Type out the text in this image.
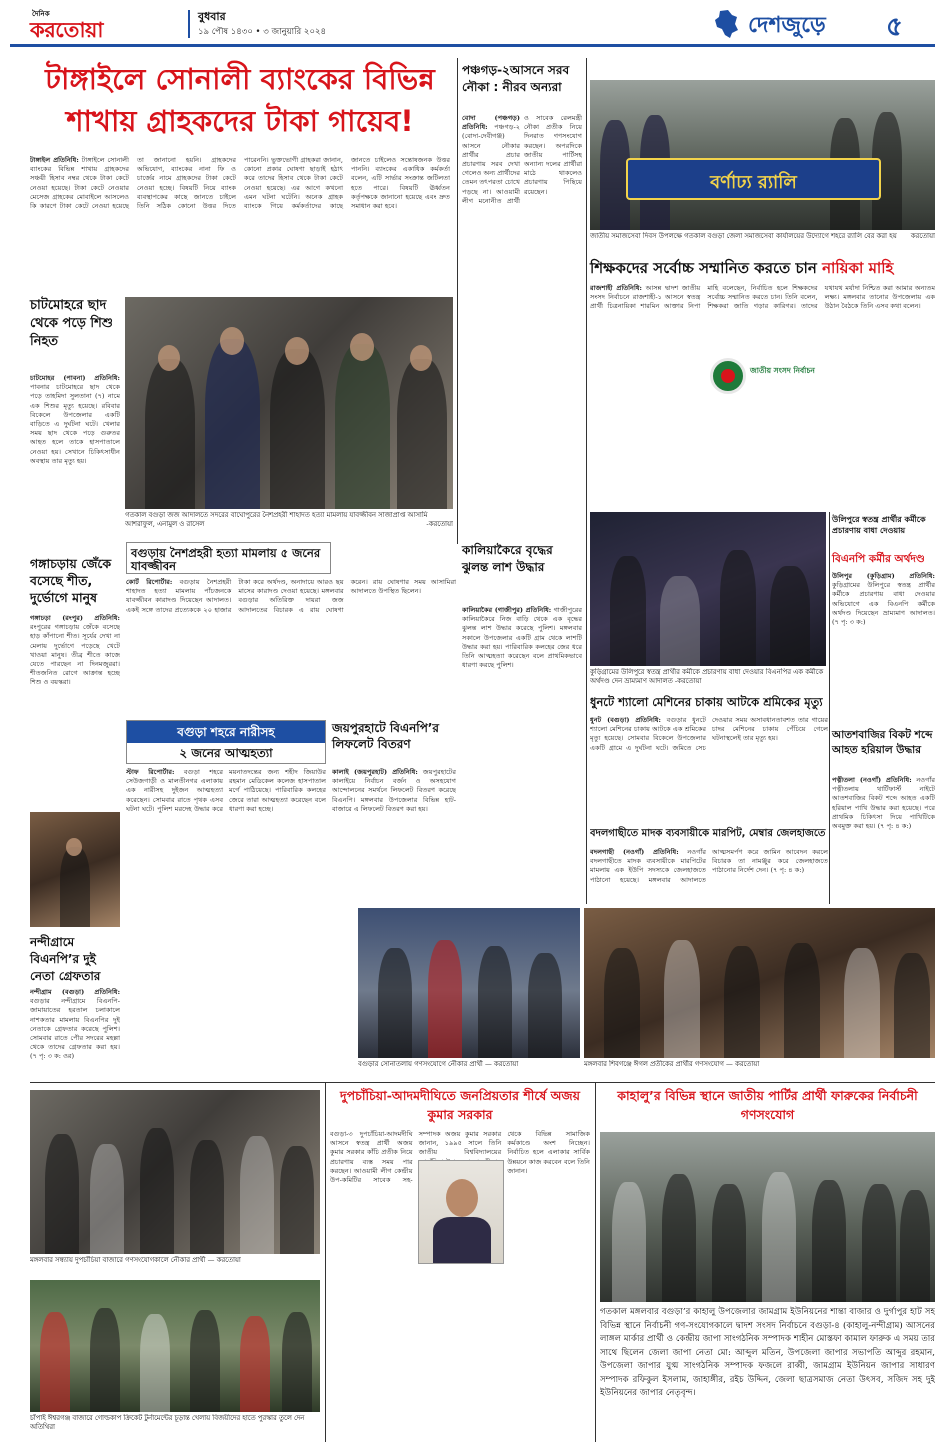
দৈনিক
করতোয়া
বুধবার
১৯ পৌষ ১৪৩০ • ৩ জানুয়ারি ২০২৪	দেশজুড়ে ৫
টাঙ্গাইলে সোনালী ব্যাংকের বিভিন্ন শাখায় গ্রাহকদের টাকা গায়েব!
টাঙ্গাইল প্রতিনিধি: টাঙ্গাইলে সোনালী ব্যাংকের বিভিন্ন শাখায় গ্রাহকদের সঞ্চয়ী হিসাব নম্বর থেকে টাকা কেটে নেওয়া হয়েছে। টাকা কেটে নেওয়ার মেসেজ গ্রাহকের মোবাইলে আসলেও কি কারণে টাকা কেটে নেওয়া হয়েছে তা জানানো হয়নি। গ্রাহকদের অভিযোগ, ব্যাংকের নানা ফি ও চার্জের নামে গ্রাহকদের টাকা কেটে নেওয়া হচ্ছে। বিষয়টি নিয়ে ব্যাংক ব্যবস্থাপকের কাছে জানতে চাইলে তিনি সঠিক কোনো উত্তর দিতে পারেননি। ভুক্তভোগী গ্রাহকরা জানান, কোনো প্রকার ঘোষণা ছাড়াই হঠাৎ করে তাদের হিসাব থেকে টাকা কেটে নেওয়া হয়েছে। এর আগে কখনো এমন ঘটনা ঘটেনি। অনেক গ্রাহক ব্যাংকে গিয়ে কর্মকর্তাদের কাছে জানতে চাইলেও সন্তোষজনক উত্তর পাননি। ব্যাংকের একাধিক কর্মকর্তা বলেন, এটি সার্ভার সংক্রান্ত জটিলতা হতে পারে। বিষয়টি ঊর্ধ্বতন কর্তৃপক্ষকে জানানো হয়েছে এবং দ্রুত সমাধান করা হবে।
গতকাল বগুড়া জজ আদালতে সদরের বাঘোপুরের নৈশপ্রহরী শাহাদত হত্যা মামলায় যাবজ্জীবন সাজাপ্রাপ্ত আসামি আশরাফুল, এনামুল ও রাসেল	-করতোয়া
চাটমোহরে ছাদ থেকে পড়ে শিশু নিহত
চাটমোহর (পাবনা) প্রতিনিধি: পাবনার চাটমোহরে ছাদ থেকে পড়ে তাহমিদা সুলতানা (৭) নামে এক শিশুর মৃত্যু হয়েছে। রবিবার বিকেলে উপজেলার একটি বাড়িতে এ দুর্ঘটনা ঘটে। খেলার সময় ছাদ থেকে পড়ে গুরুতর আহত হলে তাকে হাসপাতালে নেওয়া হয়। সেখানে চিকিৎসাধীন অবস্থায় তার মৃত্যু হয়।
গঙ্গাচড়ায় জেঁকে বসেছে শীত, দুর্ভোগে মানুষ
গঙ্গাচড়া (রংপুর) প্রতিনিধি: রংপুরের গঙ্গাচড়ায় জেঁকে বসেছে হাড় কাঁপানো শীত। সূর্যের দেখা না মেলায় দুর্ভোগে পড়েছে খেটে খাওয়া মানুষ। তীব্র শীতে কাজে যেতে পারছেন না দিনমজুররা। শীতজনিত রোগে আক্রান্ত হচ্ছে শিশু ও বয়স্করা।
নন্দীগ্রামে বিএনপি’র দুই নেতা গ্রেফতার
নন্দীগ্রাম (বগুড়া) প্রতিনিধি: বগুড়ার নন্দীগ্রামে বিএনপি-জামায়াতের হরতাল চলাকালে নাশকতার মামলায় বিএনপির দুই নেতাকে গ্রেফতার করেছে পুলিশ। সোমবার রাতে পৌর সদরের মহল্লা থেকে তাদের গ্রেফতার করা হয়। (৭ পৃ: ৩ ক: ওর)
বগুড়ায় নৈশপ্রহরী হত্যা মামলায় ৫ জনের যাবজ্জীবন
কোর্ট রিপোর্টার: বগুড়ায় নৈশপ্রহরী শাহাদত হত্যা মামলায় পাঁচজনকে যাবজ্জীবন কারাদণ্ড দিয়েছেন আদালত। একই সঙ্গে তাদের প্রত্যেককে ২০ হাজার টাকা করে অর্থদণ্ড, অনাদায়ে আরও ছয় মাসের কারাদণ্ড দেওয়া হয়েছে। মঙ্গলবার বগুড়ার অতিরিক্ত দায়রা জজ আদালতের বিচারক এ রায় ঘোষণা করেন। রায় ঘোষণার সময় আসামিরা আদালতে উপস্থিত ছিলেন।
বগুড়া শহরে নারীসহ
২ জনের আত্মহত্যা
স্টাফ রিপোর্টার: বগুড়া শহরে সেউজগাড়ী ও মালতীনগর এলাকায় এক নারীসহ দুইজন আত্মহত্যা করেছেন। সোমবার রাতে পৃথক এসব ঘটনা ঘটে। পুলিশ মরদেহ উদ্ধার করে ময়নাতদন্তের জন্য শহীদ জিয়াউর রহমান মেডিকেল কলেজ হাসপাতাল মর্গে পাঠিয়েছে। পারিবারিক কলহের জেরে তারা আত্মহত্যা করেছেন বলে ধারণা করা হচ্ছে।
জয়পুরহাটে বিএনপি’র লিফলেট বিতরণ
কালাই (জয়পুরহাট) প্রতিনিধি: জয়পুরহাটের কালাইয়ে নির্বাচন বর্জন ও অসহযোগ আন্দোলনের সমর্থনে লিফলেট বিতরণ করেছে বিএনপি। মঙ্গলবার উপজেলার বিভিন্ন হাট-বাজারে এ লিফলেট বিতরণ করা হয়।
পঞ্চগড়-২আসনে সরব নৌকা : নীরব অন্যরা
বোদা (পঞ্চগড়) প্রতিনিধি: পঞ্চগড়-২ (বোদা-দেবীগঞ্জ) আসনে নৌকার প্রার্থীর প্রচার প্রচারণায় সরব দেখা গেলেও অন্য প্রার্থীদের তেমন তৎপরতা চোখে পড়ছে না। আওয়ামী লীগ মনোনীত প্রার্থী ও সাবেক রেলমন্ত্রী নৌকা প্রতীক নিয়ে দিনরাত গণসংযোগ করছেন। অপরদিকে জাতীয় পার্টিসহ অন্যান্য দলের প্রার্থীরা মাঠে থাকলেও প্রচারণায় পিছিয়ে রয়েছেন।
কালিয়াকৈরে বৃদ্ধের ঝুলন্ত লাশ উদ্ধার
কালিয়াকৈর (গাজীপুর) প্রতিনিধি: গাজীপুরের কালিয়াকৈরে নিজ বাড়ি থেকে এক বৃদ্ধের ঝুলন্ত লাশ উদ্ধার করেছে পুলিশ। মঙ্গলবার সকালে উপজেলার একটি গ্রাম থেকে লাশটি উদ্ধার করা হয়। পারিবারিক কলহের জের ধরে তিনি আত্মহত্যা করেছেন বলে প্রাথমিকভাবে ধারণা করছে পুলিশ।
বর্ণাঢ্য র‌্যালি
জাতীয় সমাজসেবা দিবস উপলক্ষে গতকাল বগুড়া জেলা সমাজসেবা কার্যালয়ের উদ্যোগে শহরে র‌্যালি বের করা হয় করতোয়া
শিক্ষকদের সর্বোচ্চ সম্মানিত করতে চান নায়িকা মাহি
রাজশাহী প্রতিনিধি: আসন্ন দ্বাদশ জাতীয় সংসদ নির্বাচনে রাজশাহী-১ আসনে স্বতন্ত্র প্রার্থী চিত্রনায়িকা শারমিন আক্তার নিপা মাহি বলেছেন, নির্বাচিত হলে শিক্ষকদের সর্বোচ্চ সম্মানিত করতে চান। তিনি বলেন, শিক্ষকরা জাতি গড়ার কারিগর। তাদের যথাযথ মর্যাদা নিশ্চিত করা আমার অন্যতম লক্ষ্য। মঙ্গলবার তানোর উপজেলায় এক উঠান বৈঠকে তিনি এসব কথা বলেন।
জাতীয় সংসদ নির্বাচন
কুড়িগ্রামের উলিপুরে স্বতন্ত্র প্রার্থীর কর্মীকে প্রচারণায় বাধা দেওয়ার বিএনপির এক কর্মীকে অর্থদণ্ড দেন ভ্রাম্যমাণ আদালত -করতোয়া
উলিপুরে স্বতন্ত্র প্রার্থীর কর্মীকে প্রচারণায় বাধা দেওয়ায়
বিএনপি কর্মীর অর্থদণ্ড
উলিপুর (কুড়িগ্রাম) প্রতিনিধি: কুড়িগ্রামের উলিপুরে স্বতন্ত্র প্রার্থীর কর্মীকে প্রচারণায় বাধা দেওয়ার অভিযোগে এক বিএনপি কর্মীকে অর্থদণ্ড দিয়েছেন ভ্রাম্যমাণ আদালত। (৭ পৃ: ৩ ক:)
ধুনটে শ্যালো মেশিনের চাকায় আটকে শ্রমিকের মৃত্যু
ধুনট (বগুড়া) প্রতিনিধি: বগুড়ার ধুনটে শ্যালো মেশিনের চাকায় আটকে এক শ্রমিকের মৃত্যু হয়েছে। সোমবার বিকেলে উপজেলার একটি গ্রামে এ দুর্ঘটনা ঘটে। জমিতে সেচ দেওয়ার সময় অসাবধানতাবশত তার গায়ের চাদর মেশিনের চাকায় পেঁচিয়ে গেলে ঘটনাস্থলেই তার মৃত্যু হয়।
বদলগাছীতে মাদক ব্যবসায়ীকে মারপিট, মেম্বার জেলহাজতে
বদলগাছী (নওগাঁ) প্রতিনিধি: নওগাঁর বদলগাছীতে মাদক ব্যবসায়ীকে মারপিটের মামলায় এক ইউপি সদস্যকে জেলহাজতে পাঠানো হয়েছে। মঙ্গলবার আদালতে আত্মসমর্পণ করে জামিন আবেদন করলে বিচারক তা নামঞ্জুর করে জেলহাজতে পাঠানোর নির্দেশ দেন। (৭ পৃ: ৪ ক:)
আতশবাজির বিকট শব্দে আহত হরিয়াল উদ্ধার
পত্নীতলা (নওগাঁ) প্রতিনিধি: নওগাঁর পত্নীতলায় থার্টিফার্স্ট নাইটে আতশবাজির বিকট শব্দে আহত একটি হরিয়াল পাখি উদ্ধার করা হয়েছে। পরে প্রাথমিক চিকিৎসা দিয়ে পাখিটিকে অবমুক্ত করা হয়। (৭ পৃ: ৪ ক:)
বগুড়ার সোনাতলায় গণসংযোগে নৌকার প্রার্থী — করতোয়া	মঙ্গলবার শিবগঞ্জে ঈগল প্রতীকের প্রার্থীর গণসংযোগ — করতোয়া
মঙ্গলবার সন্ধ্যায় দুপচাঁচিয়া বাজারে গণসংযোগকালে নৌকার প্রার্থী — করতোয়া
চাঁপাই ঈশ্বরগঞ্জ বাজারে গোল্ডকাপ ক্রিকেট টুর্নামেন্টের চূড়ান্ত খেলায় বিজয়ীদের হাতে পুরস্কার তুলে দেন অতিথিরা
দুপচাঁচিয়া-আদমদীঘিতে জনপ্রিয়তার শীর্ষে অজয় কুমার সরকার
বগুড়া-৩ দুপচাঁচিয়া-আদমদীঘি আসনে স্বতন্ত্র প্রার্থী অজয় কুমার সরকার কাঁচি প্রতীক নিয়ে প্রচারণায় ব্যস্ত সময় পার করছেন। আওয়ামী লীগ কেন্দ্রীয় উপ-কমিটির সাবেক সহ-সম্পাদক অজয় কুমার সরকার জানান, ১৯৯৫ সালে তিনি জাতীয় বিশ্ববিদ্যালয়ের থেকে বিভিন্ন সামাজিক কর্মকাণ্ডে অংশ নিচ্ছেন। নির্বাচিত হলে এলাকার সার্বিক উন্নয়নে কাজ করবেন বলে তিনি জানান।
কাহালু’র বিভিন্ন স্থানে জাতীয় পার্টির প্রার্থী ফারুকের নির্বাচনী গণসংযোগ
গতকাল মঙ্গলবার বগুড়া’র কাহালু উপজেলার জামগ্রাম ইউনিয়নের শান্তা বাজার ও দুর্গাপুর হাট সহ বিভিন্ন স্থানে নির্বাচনী গণ-সংযোগকালে দ্বাদশ সংসদ নির্বাচনে বগুড়া-৪ (কাহালু-নন্দীগ্রাম) আসনের লাঙ্গল মার্কার প্রার্থী ও কেন্দ্রীয় জাপা সাংগঠনিক সম্পাদক শাহীন মোস্তফা কামাল ফারুক এ সময় তার সাথে ছিলেন জেলা জাপা নেতা মো: আব্দুল মতিন, উপজেলা জাপার সভাপতি আব্দুর রহমান, উপজেলা জাপার যুগ্ম সাংগঠনিক সম্পাদক ফজলে রাব্বী, জামগ্রাম ইউনিয়ন জাপার সাধারণ সম্পাদক রফিকুল ইসলাম, জাহাঙ্গীর, রইচ উদ্দিন, জেলা ছাত্রসমাজ নেতা উৎসব, সজিদ সহ দুই ইউনিয়নের জাপার নেতৃবৃন্দ।
